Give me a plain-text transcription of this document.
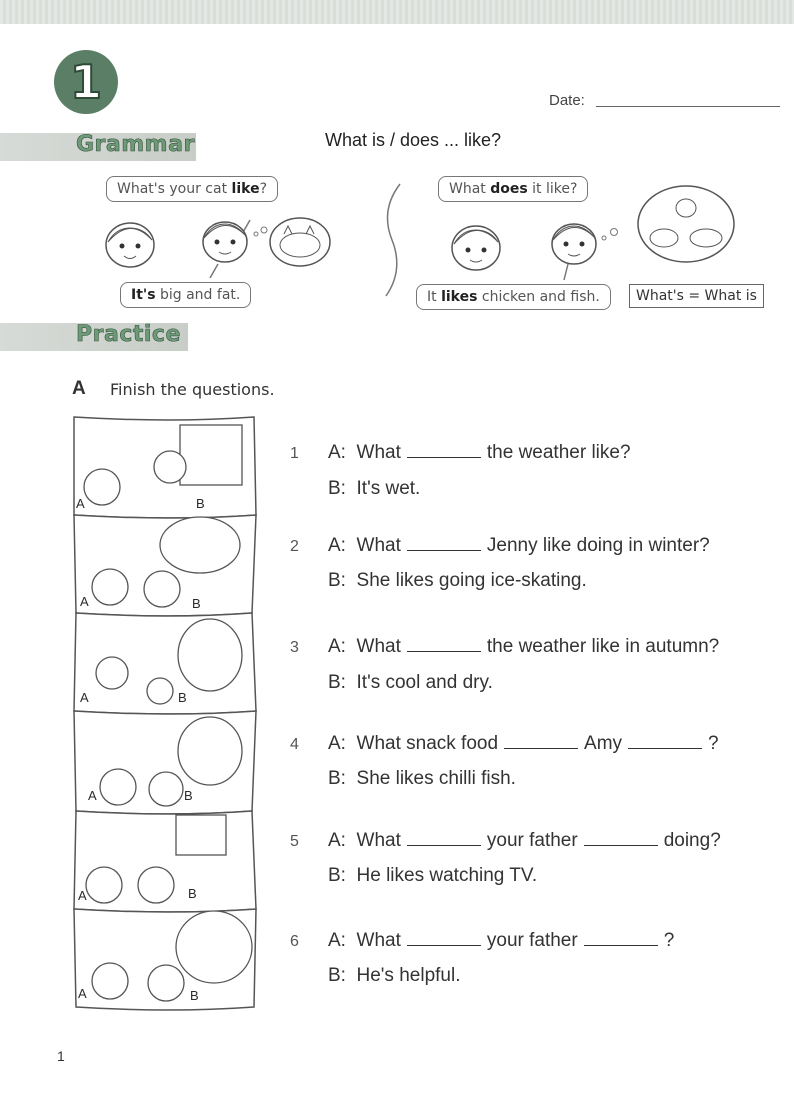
1	Date:
Grammar	What is / does ... like?
What's your cat like?
It's big and fat.
What does it like?
It likes chicken and fish.	What's = What is
Practice
A Finish the questions.
A	B
A	B
A	B
A	B
A	B
A	B
1 A: What	the weather like?
B: It's wet.
2 A: What	Jenny like doing in winter?
B: She likes going ice-skating.
3 A: What	the weather like in autumn?
B: It's cool and dry.
4 A: What snack food	Amy	?
B: She likes chilli fish.
5 A: What	your father	doing?
B: He likes watching TV.
6 A: What	your father	?
B: He's helpful.
1
